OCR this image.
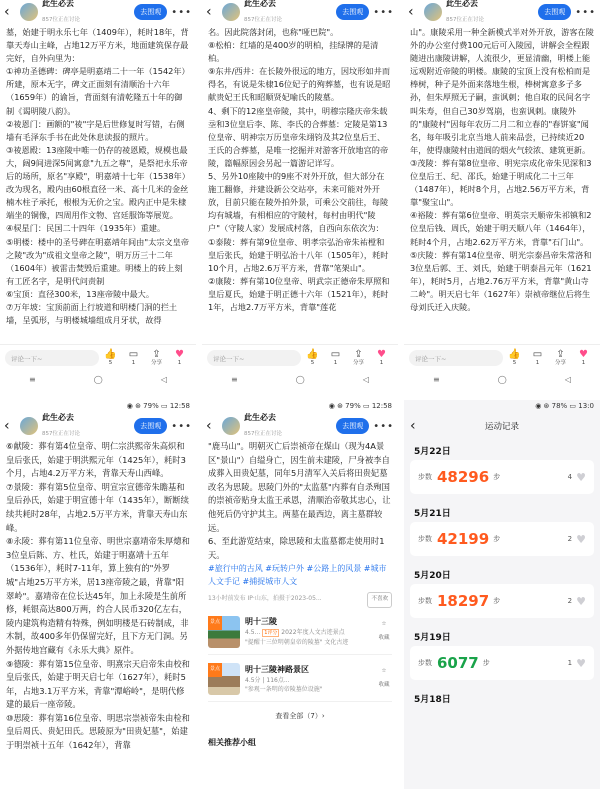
‹
此生必去
857位正在讨论
去围观	•••

墓，始建于明永乐七年（1409年），耗时18年，背靠天寿山主峰，占地12万平方米，地面建筑保存最完好，自外向里为：

①神功圣德碑：碑亭是明嘉靖二十一年（1542年）所建，原本无字，碑文正面刻有清顺治十六年（1659年）的谕旨，背面刻有清乾隆五十年的御制《谒明陵八韵》。

②祾恩门：画额的"祾"字是后世修复时写错，右侧墙有毛泽东手书在此处休息读报的照片。

③祾恩殿：13座陵中唯一仍存的祾恩殿，规模也最大，阔9间进深5间寓意"九五之尊"，是祭祀永乐帝后的场所，原名"享殿"，明嘉靖十七年（1538年）改为现名，殿内由60根直径一米、高十几米的金丝楠木柱子承托，根根为无价之宝。殿内正中是朱棣端坐的铜像，四周用作文物、宫廷服饰等展览。

④棂星门：民国二十四年（1935年）重建。

⑤明楼：楼中的圣号碑在明嘉靖年间由"太宗文皇帝之陵"改为"成祖文皇帝之陵"，明万历三十二年（1604年）被雷击焚毁后重建。明楼上的砖上刻有工匠名字，是明代问责制

⑥宝顶：直径300米，13座帝陵中最大。

⑦万年坡：宝顶前面上行坡道和明楼门洞的拦土墙，呈弧形，与明楼城墙组成月牙状，故得

评论一下~	👍
5
▭
1
⇪
分享
♥
1
≡	◯	◁
‹
此生必去
857位正在讨论
去围观	•••

名。因此院落封闭，也称"哑巴院"。

⑧松柏：红墙的是400岁的明柏，挂绿牌的是清柏。

⑨东井/西井：在长陵外很远的地方，因坟形如井而得名，有说是朱棣16位妃子的殉葬墓，也有说是昭献贵妃王氏和昭顺贤妃喻氏的陵墓。

4、剩下的12座皇帝陵，其中，明穆宗隆庆帝朱载坖和3位皇后李、陈、李氏的合葬墓：定陵是第13位皇帝、明神宗万历皇帝朱翊钧及其2位皇后王、王氏的合葬墓，是唯一挖掘并对游客开放地宫的帝陵，篇幅原因会另起一篇游记详写。

5、另外10座陵中的9座不对外开放，但大部分在施工翻修，并建设新公交站亭，未来可能对外开放，目前只能在陵外拍外景，可乘公交前往，每陵均有城墙，有相相应的守陵村，每村由明代"陵户"（守陵人家）发展成村落，自西向东依次为：

①泰陵：葬有第9位皇帝、明孝宗弘治帝朱祐樘和皇后张氏，始建于明弘治十八年（1505年），耗时10个月，占地2.6万平方米，背靠"笔架山"。

②康陵：葬有第10位皇帝、明武宗正德帝朱厚照和皇后夏氏，始建于明正德十六年（1521年），耗时1年，占地2.7万平方米，背靠"莲花

评论一下~	👍
5
▭
1
⇪
分享
♥
1
≡	◯	◁
‹
此生必去
857位正在讨论
去围观	•••

山"。康陵采用一种全新模式半对外开放，游客在陵外的办公室付费100元后可入陵园，讲解会全程跟随进出康陵讲解，人流很少，更显清幽，明楼上能远观附近帝陵的明楼。康陵的宝顶上没有松柏而是棒树，种子是外面来落地生根，棒树寓意多子多孙，但朱厚照无子嗣，蛮讽刺；他自取的民间名字叫朱寿，但自己30岁驾崩，也蛮讽刺。康陵外的"康陵村"因每年农历二月二和立春的"春饼宴"闻名，每年吸引北京当地人前来品尝，已持续近20年，使得康陵村由道闾的烟火气较浓、建筑更新。

③茂陵：葬有第8位皇帝、明宪宗成化帝朱见深和3位皇后王、纪、邵氏，始建于明成化二十三年（1487年），耗时8个月，占地2.56万平方米，背靠"聚宝山"。

④裕陵：葬有第6位皇帝、明英宗天顺帝朱祁镇和2位皇后钱、周氏，始建于明天顺八年（1464年），耗时4个月，占地2.62万平方米，背靠"石门山"。

⑤庆陵：葬有第14位皇帝、明光宗泰昌帝朱常洛和3位皇后郭、王、刘氏，始建于明泰昌元年（1621年），耗时5月，占地2.76万平方米，背靠"黄山寺二岭"。明天启七年（1627年）崇祯帝继位后将生母刘氏迁入庆陵。

评论一下~	👍
5
▭
1
⇪
分享
♥
1
≡	◯	◁
◉ ⊛ 79% ▭ 12:58
‹
此生必去
857位正在讨论
去围观	•••

⑥献陵：葬有第4位皇帝、明仁宗洪熙帝朱高炽和皇后张氏，始建于明洪熙元年（1425年），耗时3个月，占地4.2万平方米，背靠天寿山西峰。

⑦景陵：葬有第5位皇帝、明宣宗宣德帝朱瞻基和皇后孙氏，始建于明宣德十年（1435年），断断续续共耗时28年，占地2.5万平方米，背靠天寿山东峰。

⑧永陵：葬有第11位皇帝、明世宗嘉靖帝朱厚熜和3位皇后陈、方、杜氏，始建于明嘉靖十五年（1536年），耗时7-11年，算上独有的"外罗城"占地25万平方米，居13座帝陵之最，背靠"阳翠岭"。嘉靖帝在位长达45年，加上永陵是生前所修，耗银高达800万两，约合人民币320亿左右，陵内建筑构造精有特殊，例如明楼是石砖制成，非木制，故400多年仍保留完好，且下方无门洞。另外据传地宫藏有《永乐大典》原件。

⑨德陵：葬有第15位皇帝、明熹宗天启帝朱由校和皇后张氏，始建于明天启七年（1627年），耗时5年，占地3.1万平方米，背靠"潭峪岭"，是明代修建的最后一座帝陵。

⑩思陵：葬有第16位皇帝、明思宗崇祯帝朱由检和皇后周氏、贵妃田氏。思陵原为"田贵妃墓"，始建于明崇祯十五年（1642年），背靠

◉ ⊛ 79% ▭ 12:58
‹
此生必去
857位正在讨论
去围观	•••

"鹿马山"。明朝灭亡后崇祯帝在煤山（现为4A景区"景山"）自缢身亡，因生前未建陵，尸身被李自成葬入田贵妃墓，同年5月清军入关后将田贵妃墓改名为思陵。思陵门外的"太监墓"内葬有自杀殉国的崇祯帝贴身太监王承恩，清顺治帝敬其忠心，让他死后仍守护其主。两墓在最西边，离主墓群较远。

6、至此游览结束，除思陵和太监墓都走使用时1天。

#旅行中的古风 #玩转户外 #公路上的风景 #城市人文手记 #捕捉城市人文

13小时前发布 IP·山东，拍摄于2023-05...	不喜欢
景点	明十三陵
4.5... 1评分 2022年度人文古迹景点
"提醒十三位明朝皇帝的陵墓" 文化古迹
☆
收藏
景点	明十三陵神路景区
4.5分 | 116点...
"参观一条明的帝陵墓位设施"
☆
收藏
查看全部（7）›
相关推荐小组
◉ ⊛ 78% ▭ 13:0
‹	运动记录
5月22日
步数 48296 步	4 ♥
5月21日
步数 42199 步	2 ♥
5月20日
步数 18297 步	2 ♥
5月19日
步数 6077 步	1 ♥
5月18日
